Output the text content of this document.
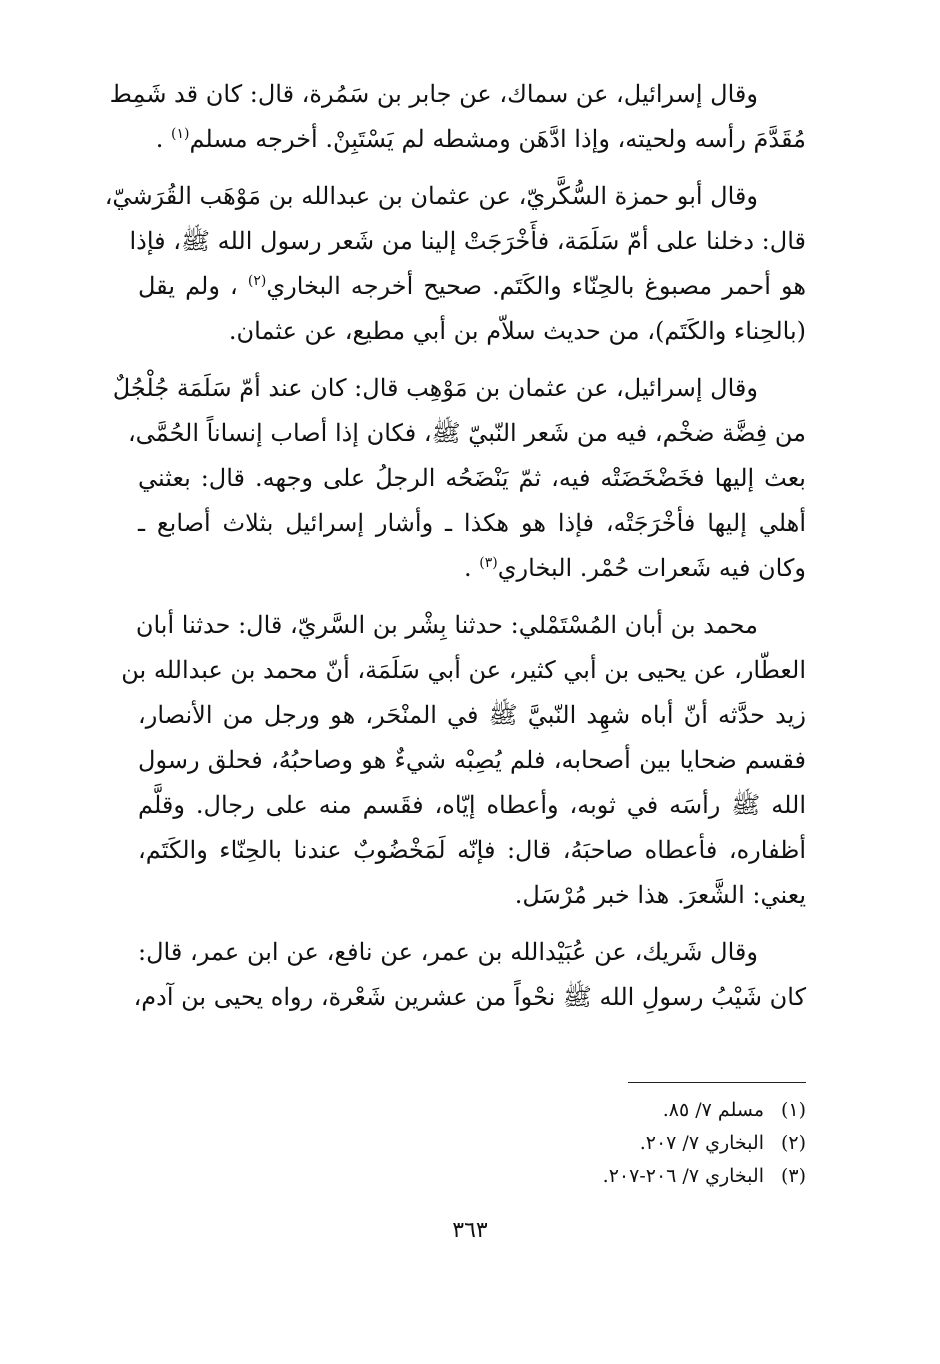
وقال إسرائيل، عن سماك، عن جابر بن سَمُرة، قال: كان قد شَمِط
مُقَدَّمَ رأسه ولحيته، وإذا ادَّهَن ومشطه لم يَسْتَبِنْ. أخرجه مسلم$^{(١)}$ .

وقال أبو حمزة السُّكَّريّ، عن عثمان بن عبدالله بن مَوْهَب القُرَشيّ،
قال: دخلنا على أمّ سَلَمَة، فأَخْرَجَتْ إلينا من شَعر رسول الله ﷺ، فإذا
هو أحمر مصبوغ بالحِنّاء والكَتَم. صحيح أخرجه البخاري$^{(٢)}$ ، ولم يقل
(بالحِناء والكَتَم)، من حديث سلاّم بن أبي مطيع، عن عثمان.

وقال إسرائيل، عن عثمان بن مَوْهِب قال: كان عند أمّ سَلَمَة جُلْجُلٌ
من فِضَّة ضخْم، فيه من شَعر النّبيّ ﷺ، فكان إذا أصاب إنساناً الحُمَّى،
بعث إليها فخَضْخَضَتْه فيه، ثمّ يَنْضَحُه الرجلُ على وجهه. قال: بعثني
أهلي إليها فأخْرَجَتْه، فإذا هو هكذا ـ وأشار إسرائيل بثلاث أصابع ـ
وكان فيه شَعرات حُمْر. البخاري$^{(٣)}$ .

محمد بن أبان المُسْتَمْلي: حدثنا بِشْر بن السَّريّ، قال: حدثنا أبان
العطّار، عن يحيى بن أبي كثير، عن أبي سَلَمَة، أنّ محمد بن عبدالله بن
زيد حدَّثه أنّ أباه شهِد النّبيَّ ﷺ في المنْحَر، هو ورجل من الأنصار،
فقسم ضحايا بين أصحابه، فلم يُصِبْه شيءٌ هو وصاحبُهُ، فحلق رسول
الله ﷺ رأسَه في ثوبه، وأعطاه إيّاه، فقَسم منه على رجال. وقلَّم
أظفاره، فأعطاه صاحبَهُ، قال: فإنّه لَمَخْضُوبٌ عندنا بالحِنّاء والكَتَم،
يعني: الشَّعرَ. هذا خبر مُرْسَل.

وقال شَريك، عن عُبَيْدالله بن عمر، عن نافع، عن ابن عمر، قال:
كان شَيْبُ رسولِ الله ﷺ نحْواً من عشرين شَعْرة، رواه يحيى بن آدم،

(١)مسلم ٧/ ٨٥.
(٢)البخاري ٧/ ٢٠٧.
(٣)البخاري ٧/ ٢٠٦-٢٠٧.
٣٦٣
